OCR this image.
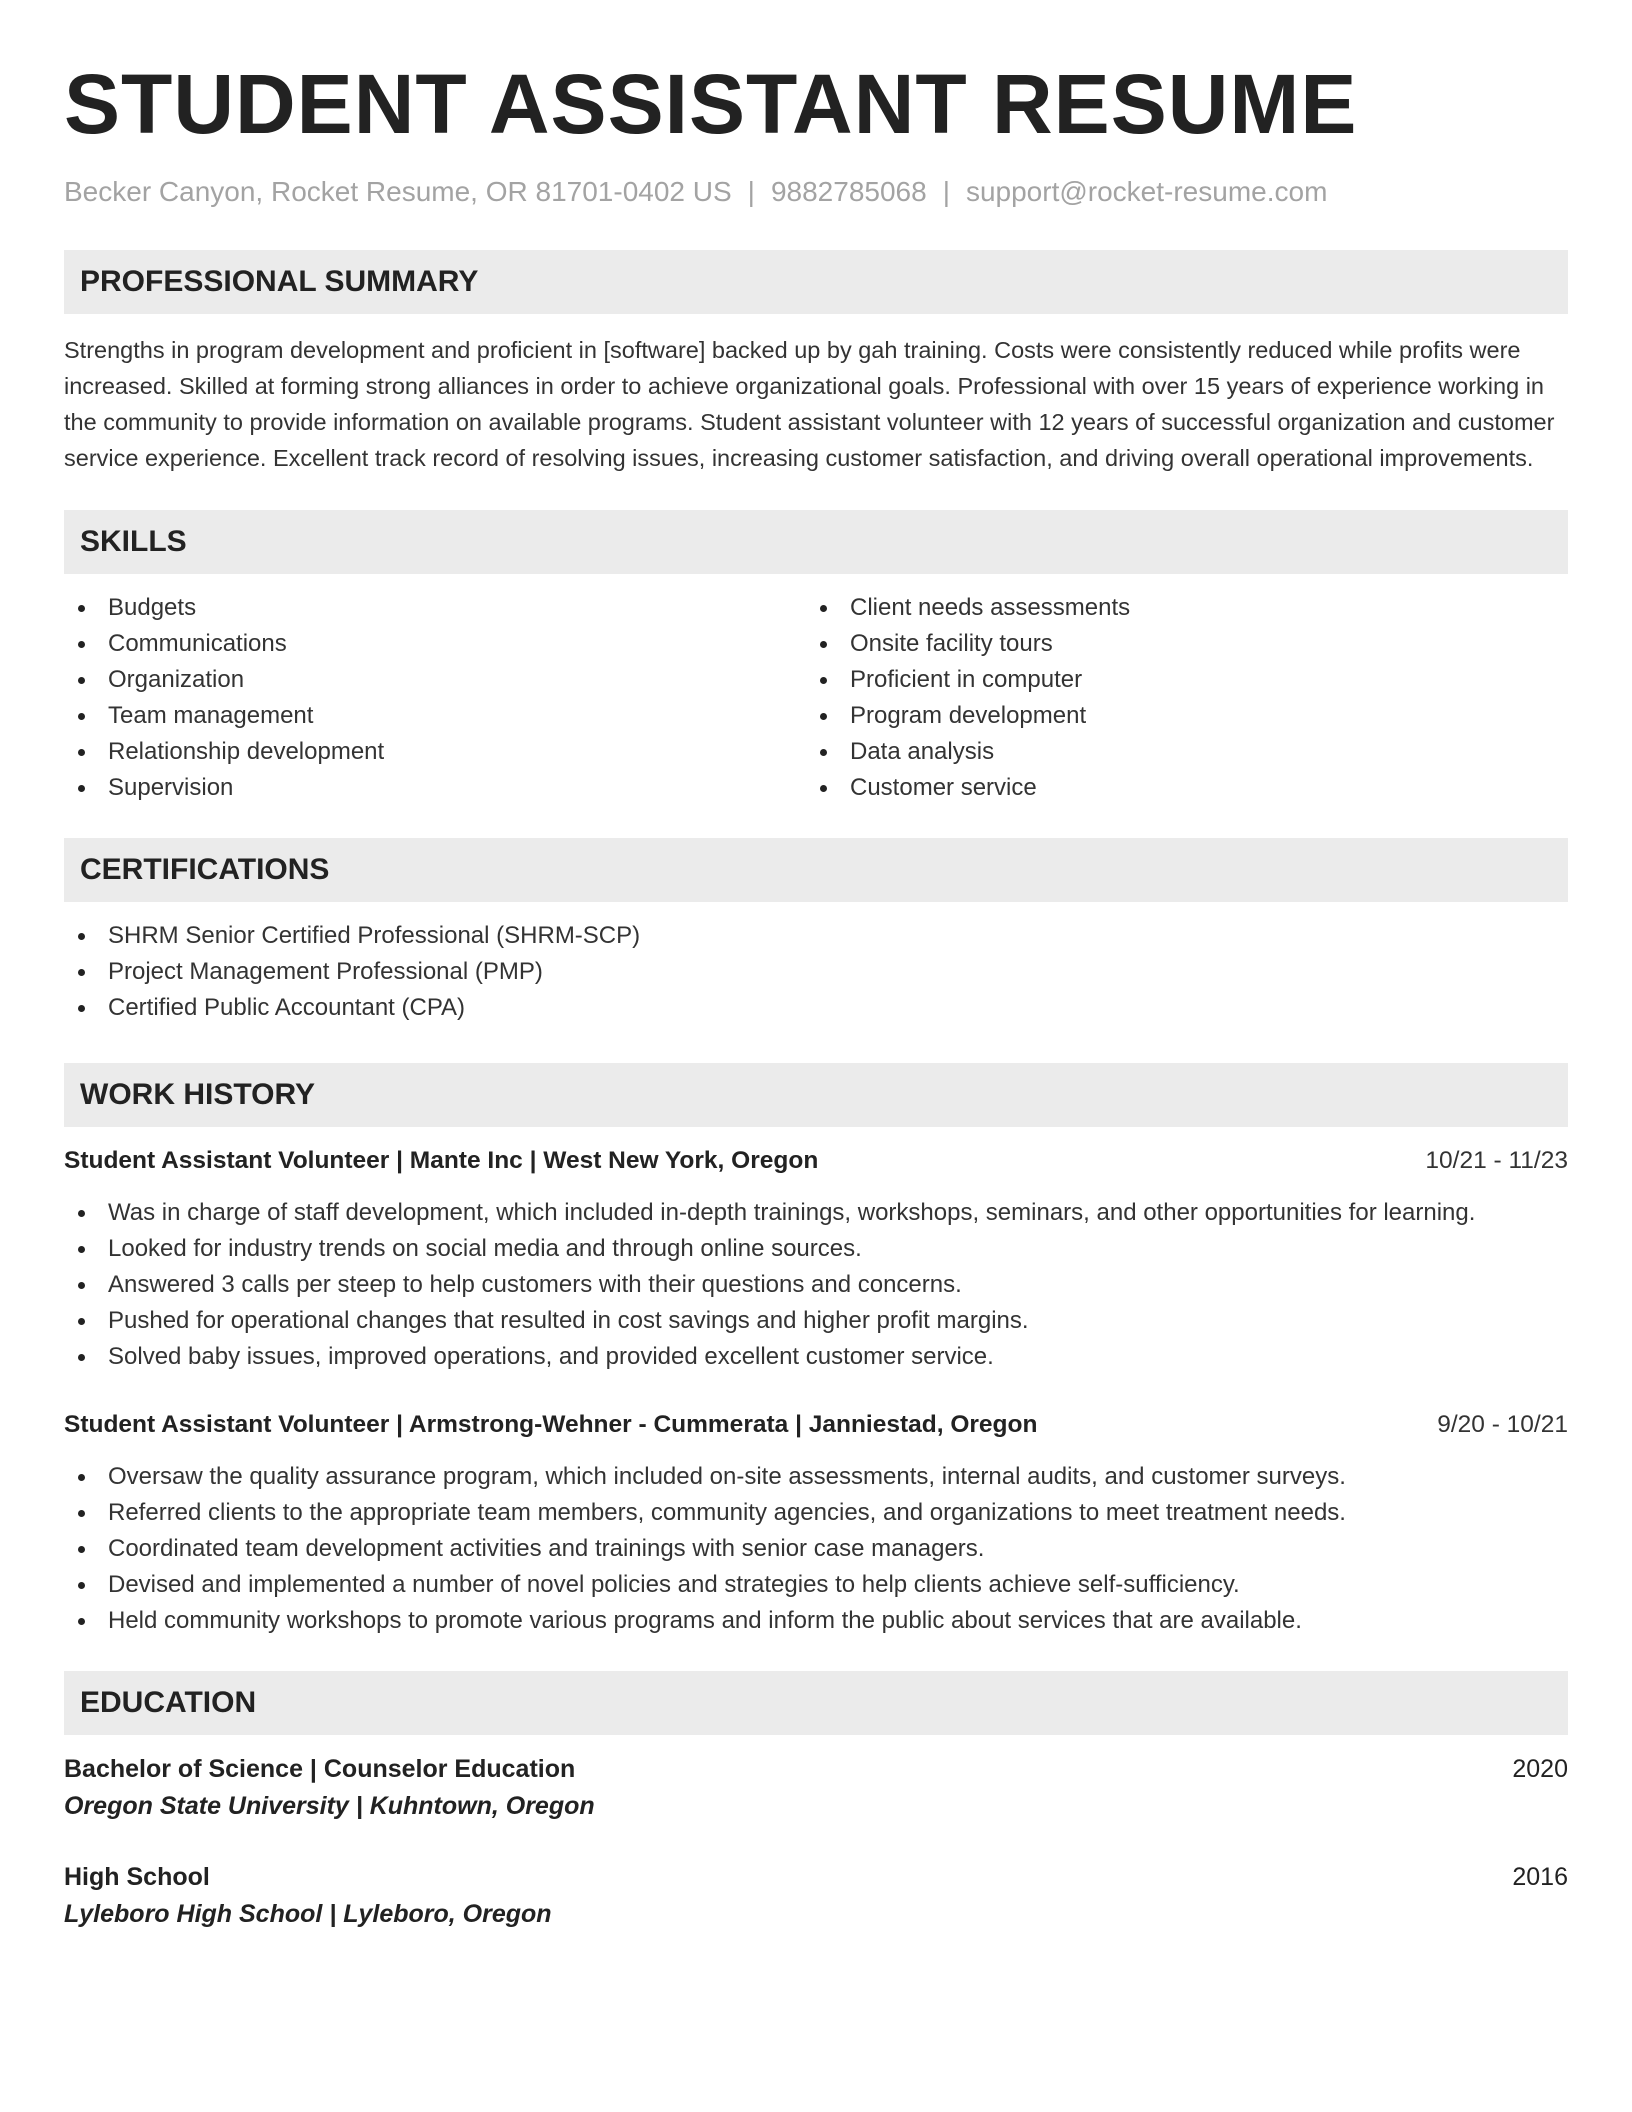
STUDENT ASSISTANT RESUME
Becker Canyon, Rocket Resume, OR 81701-0402 US | 9882785068 | support@rocket-resume.com
PROFESSIONAL SUMMARY

Strengths in program development and proficient in [software] backed up by gah training. Costs were consistently reduced while profits were increased. Skilled at forming strong alliances in order to achieve organizational goals. Professional with over 15 years of experience working in the community to provide information on available programs. Student assistant volunteer with 12 years of successful organization and customer service experience. Excellent track record of resolving issues, increasing customer satisfaction, and driving overall operational improvements.

SKILLS
Budgets
Communications
Organization
Team management
Relationship development
Supervision
Client needs assessments
Onsite facility tours
Proficient in computer
Program development
Data analysis
Customer service
CERTIFICATIONS
SHRM Senior Certified Professional (SHRM-SCP)
Project Management Professional (PMP)
Certified Public Accountant (CPA)
WORK HISTORY
Student Assistant Volunteer | Mante Inc | West New York, Oregon	10/21 - 11/23
Was in charge of staff development, which included in-depth trainings, workshops, seminars, and other opportunities for learning.
Looked for industry trends on social media and through online sources.
Answered 3 calls per steep to help customers with their questions and concerns.
Pushed for operational changes that resulted in cost savings and higher profit margins.
Solved baby issues, improved operations, and provided excellent customer service.
Student Assistant Volunteer | Armstrong-Wehner - Cummerata | Janniestad, Oregon	9/20 - 10/21
Oversaw the quality assurance program, which included on-site assessments, internal audits, and customer surveys.
Referred clients to the appropriate team members, community agencies, and organizations to meet treatment needs.
Coordinated team development activities and trainings with senior case managers.
Devised and implemented a number of novel policies and strategies to help clients achieve self-sufficiency.
Held community workshops to promote various programs and inform the public about services that are available.
EDUCATION
Bachelor of Science | Counselor Education	2020
Oregon State University | Kuhntown, Oregon
High School	2016
Lyleboro High School | Lyleboro, Oregon
